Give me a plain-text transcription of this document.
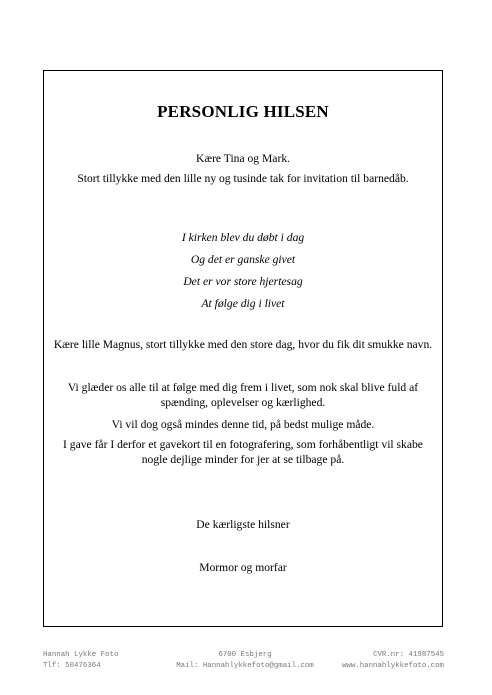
PERSONLIG HILSEN
Kære Tina og Mark.
Stort tillykke med den lille ny og tusinde tak for invitation til barnedåb.
I kirken blev du døbt i dag
Og det er ganske givet
Det er vor store hjertesag
At følge dig i livet
Kære lille Magnus, stort tillykke med den store dag, hvor du fik dit smukke navn.
Vi glæder os alle til at følge med dig frem i livet, som nok skal blive fuld af spænding, oplevelser og kærlighed.
Vi vil dog også mindes denne tid, på bedst mulige måde.
I gave får I derfor et gavekort til en fotografering, som forhåbentligt vil skabe nogle dejlige minder for jer at se tilbage på.
De kærligste hilsner
Mormor og morfar
Hannah Lykke Foto
Tlf: 50476364
6700 Esbjerg
Mail: Hannahlykkefoto@gmail.com
CVR.nr: 41987545
www.hannahlykkefoto.com
